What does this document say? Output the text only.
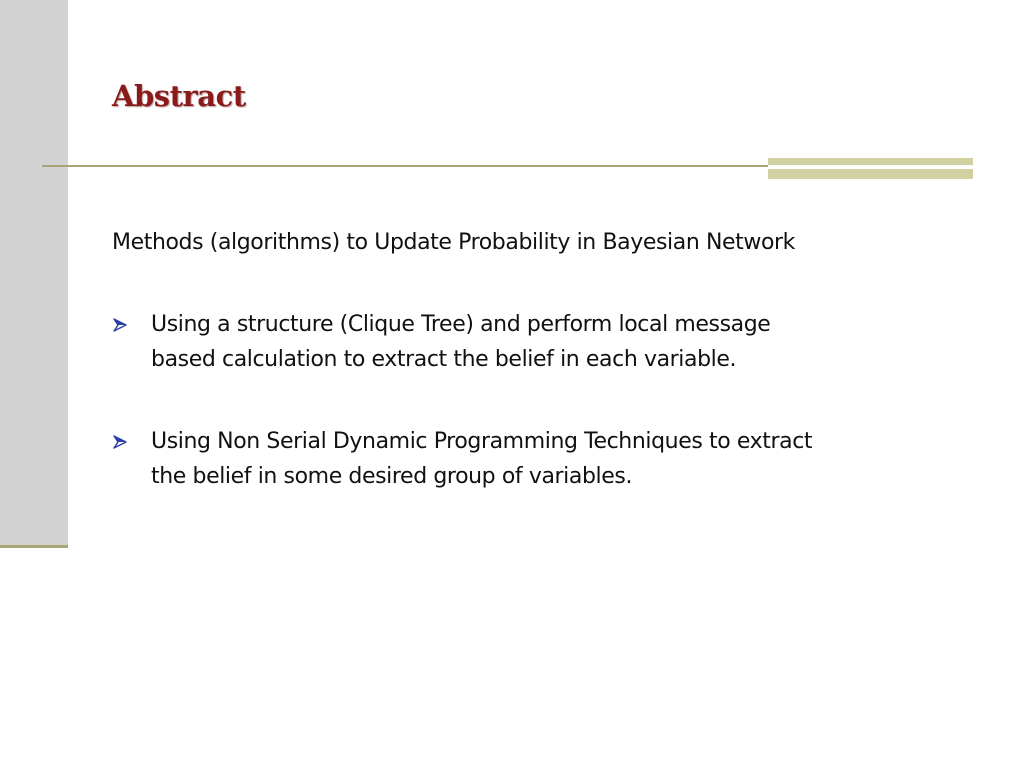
Abstract

Methods (algorithms) to Update Probability in Bayesian Network

Using a structure (Clique Tree) and perform local message
based calculation to extract the belief in each variable.
Using Non Serial Dynamic Programming Techniques to extract
the belief in some desired group of variables.
